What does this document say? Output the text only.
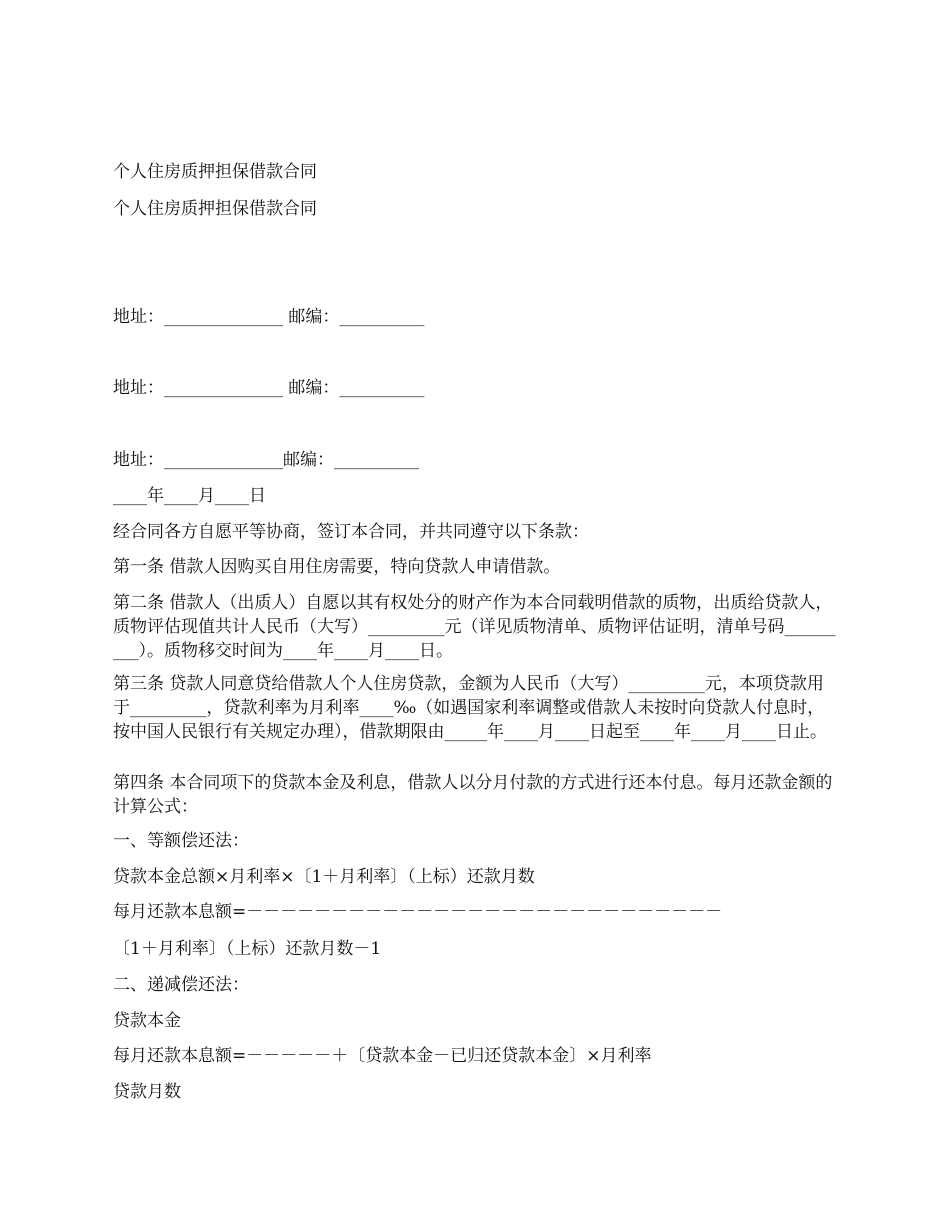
个人住房质押担保借款合同
个人住房质押担保借款合同
地址：______________ 邮编：__________
地址：______________ 邮编：__________
地址：______________邮编：__________
____年____月____日
经合同各方自愿平等协商，签订本合同，并共同遵守以下条款：
第一条 借款人因购买自用住房需要，特向贷款人申请借款。
第二条 借款人（出质人）自愿以其有权处分的财产作为本合同载明借款的质物，出质给贷款人，质物评估现值共计人民币（大写）_________元（详见质物清单、质物评估证明，清单号码_________）。质物移交时间为____年____月____日。
第三条 贷款人同意贷给借款人个人住房贷款，金额为人民币（大写）_________元，本项贷款用于_________，贷款利率为月利率____‰（如遇国家利率调整或借款人未按时向贷款人付息时，按中国人民银行有关规定办理），借款期限由_____年____月____日起至____年____月____日止。
第四条 本合同项下的贷款本金及利息，借款人以分月付款的方式进行还本付息。每月还款金额的计算公式：
一、等额偿还法：
贷款本金总额×月利率×〔1＋月利率〕（上标）还款月数
每月还款本息额=－－－－－－－－－－－－－－－－－－－－－－－－－－－－
〔1＋月利率〕（上标）还款月数－1
二、递减偿还法：
贷款本金
每月还款本息额=－－－－－＋〔贷款本金－已归还贷款本金〕×月利率
贷款月数
